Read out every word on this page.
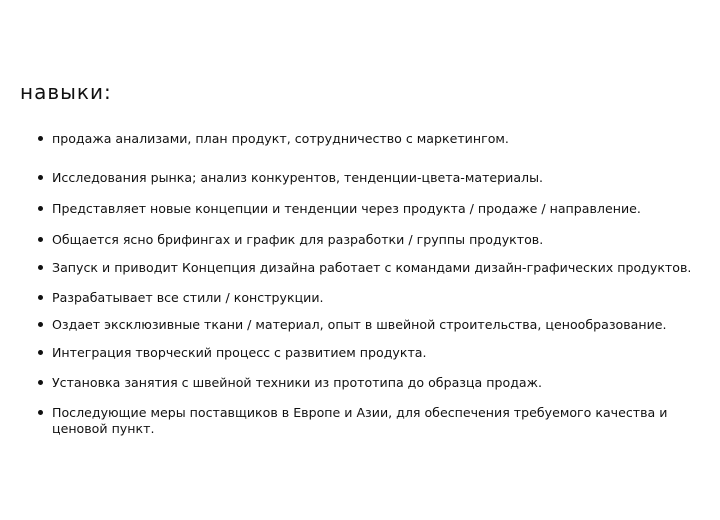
навыки:
продажа анализами, план продукт, сотрудничество с маркетингом.
Исследования рынка; анализ конкурентов, тенденции-цвета-материалы.
Представляет новые концепции и тенденции через продукта / продаже / направление.
Общается ясно брифингах и график для разработки / группы продуктов.
Запуск и приводит Концепция дизайна работает с командами дизайн-графических продуктов.
Разрабатывает все стили / конструкции.
Оздает эксклюзивные ткани / материал, опыт в швейной строительства, ценообразование.
Интеграция творческий процесс с развитием продукта.
Установка занятия с швейной техники из прототипа до образца продаж.
Последующие меры поставщиков в Европе и Азии, для обеспечения требуемого качества и ценовой пункт.
